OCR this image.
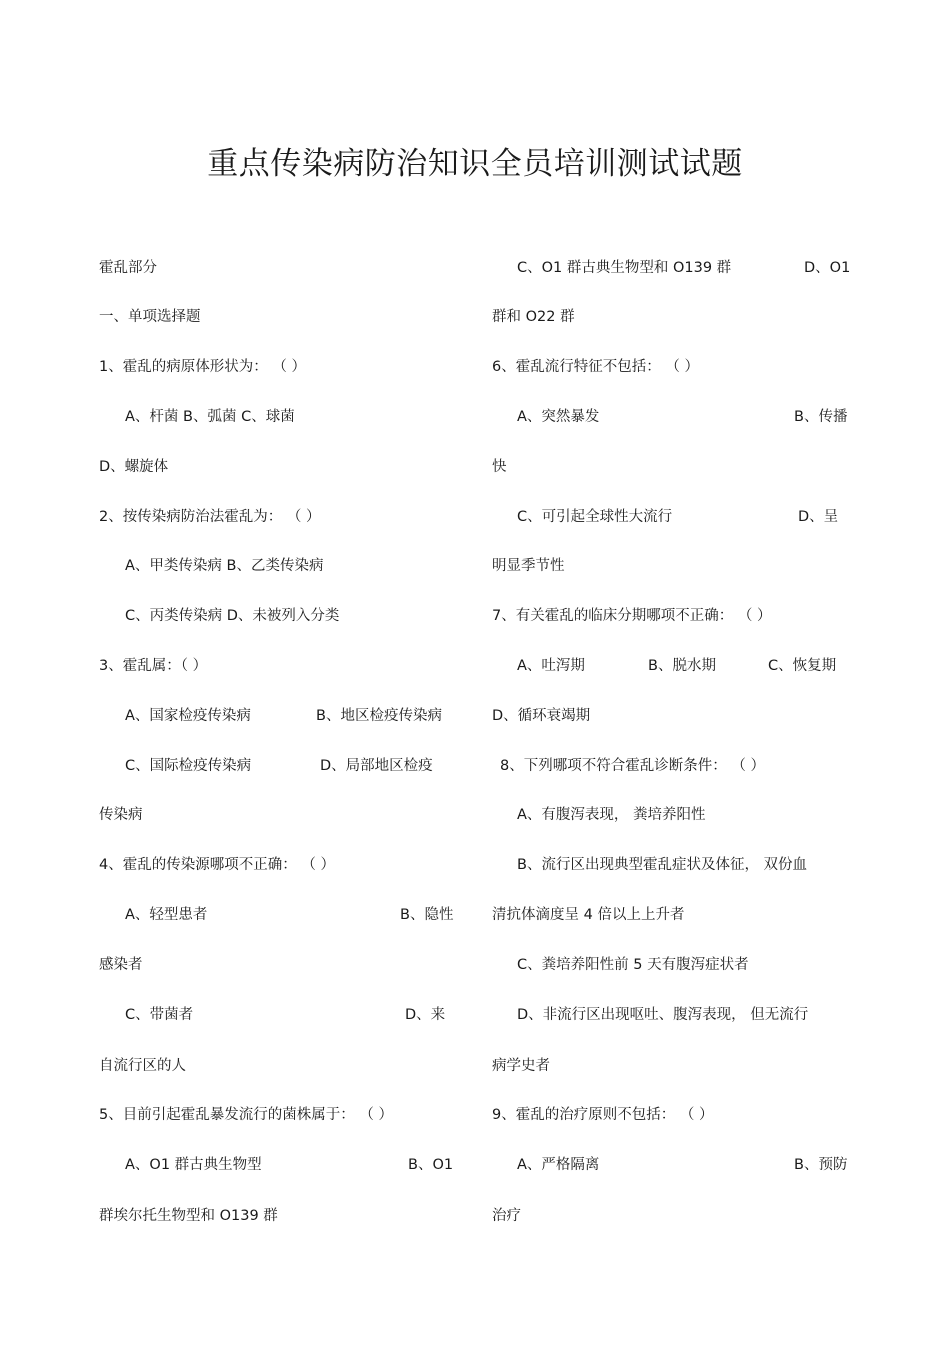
重点传染病防治知识全员培训测试试题
霍乱部分
一、单项选择题
1、霍乱的病原体形状为： （ ）
A、杆菌 B、弧菌 C、球菌
D、螺旋体
2、按传染病防治法霍乱为： （ ）
A、甲类传染病 B、乙类传染病
C、丙类传染病 D、未被列入分类
3、霍乱属：（ ）
A、国家检疫传染病	B、地区检疫传染病
C、国际检疫传染病	D、局部地区检疫
传染病
4、霍乱的传染源哪项不正确： （ ）
A、轻型患者	B、隐性
感染者
C、带菌者	D、来
自流行区的人
5、目前引起霍乱暴发流行的菌株属于： （ ）
A、O1 群古典生物型	B、O1
群埃尔托生物型和 O139 群
C、O1 群古典生物型和 O139 群	D、O1
群和 O22 群
6、霍乱流行特征不包括： （ ）
A、突然暴发	B、传播
快
C、可引起全球性大流行	D、呈
明显季节性
7、有关霍乱的临床分期哪项不正确： （ ）
A、吐泻期	B、脱水期	C、恢复期
D、循环衰竭期
8、下列哪项不符合霍乱诊断条件： （ ）
A、有腹泻表现， 粪培养阳性
B、流行区出现典型霍乱症状及体征， 双份血
清抗体滴度呈 4 倍以上上升者
C、粪培养阳性前 5 天有腹泻症状者
D、非流行区出现呕吐、腹泻表现， 但无流行
病学史者
9、霍乱的治疗原则不包括： （ ）
A、严格隔离	B、预防
治疗
